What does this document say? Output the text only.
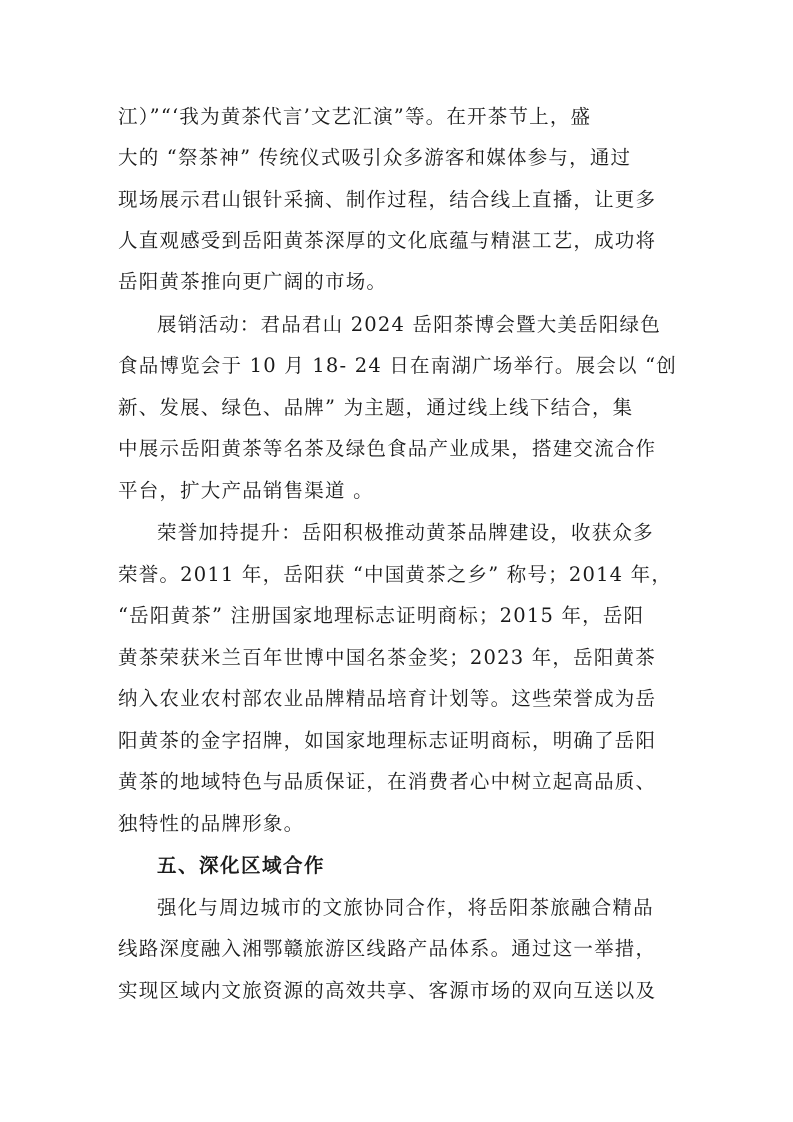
江）”“‘我为黄茶代言’文艺汇演”等。在开茶节上，盛
大的 “祭茶神” 传统仪式吸引众多游客和媒体参与，通过
现场展示君山银针采摘、制作过程，结合线上直播，让更多
人直观感受到岳阳黄茶深厚的文化底蕴与精湛工艺，成功将
岳阳黄茶推向更广阔的市场。
展销活动：君品君山 2024 岳阳茶博会暨大美岳阳绿色
食品博览会于 10 月 18- 24 日在南湖广场举行。展会以 “创
新、发展、绿色、品牌” 为主题，通过线上线下结合，集
中展示岳阳黄茶等名茶及绿色食品产业成果，搭建交流合作
平台，扩大产品销售渠道 。
荣誉加持提升：岳阳积极推动黄茶品牌建设，收获众多
荣誉。2011 年，岳阳获 “中国黄茶之乡” 称号；2014 年，
“岳阳黄茶” 注册国家地理标志证明商标；2015 年，岳阳
黄茶荣获米兰百年世博中国名茶金奖；2023 年，岳阳黄茶
纳入农业农村部农业品牌精品培育计划等。这些荣誉成为岳
阳黄茶的金字招牌，如国家地理标志证明商标，明确了岳阳
黄茶的地域特色与品质保证，在消费者心中树立起高品质、
独特性的品牌形象。
五、深化区域合作
强化与周边城市的文旅协同合作，将岳阳茶旅融合精品
线路深度融入湘鄂赣旅游区线路产品体系。通过这一举措，
实现区域内文旅资源的高效共享、客源市场的双向互送以及
